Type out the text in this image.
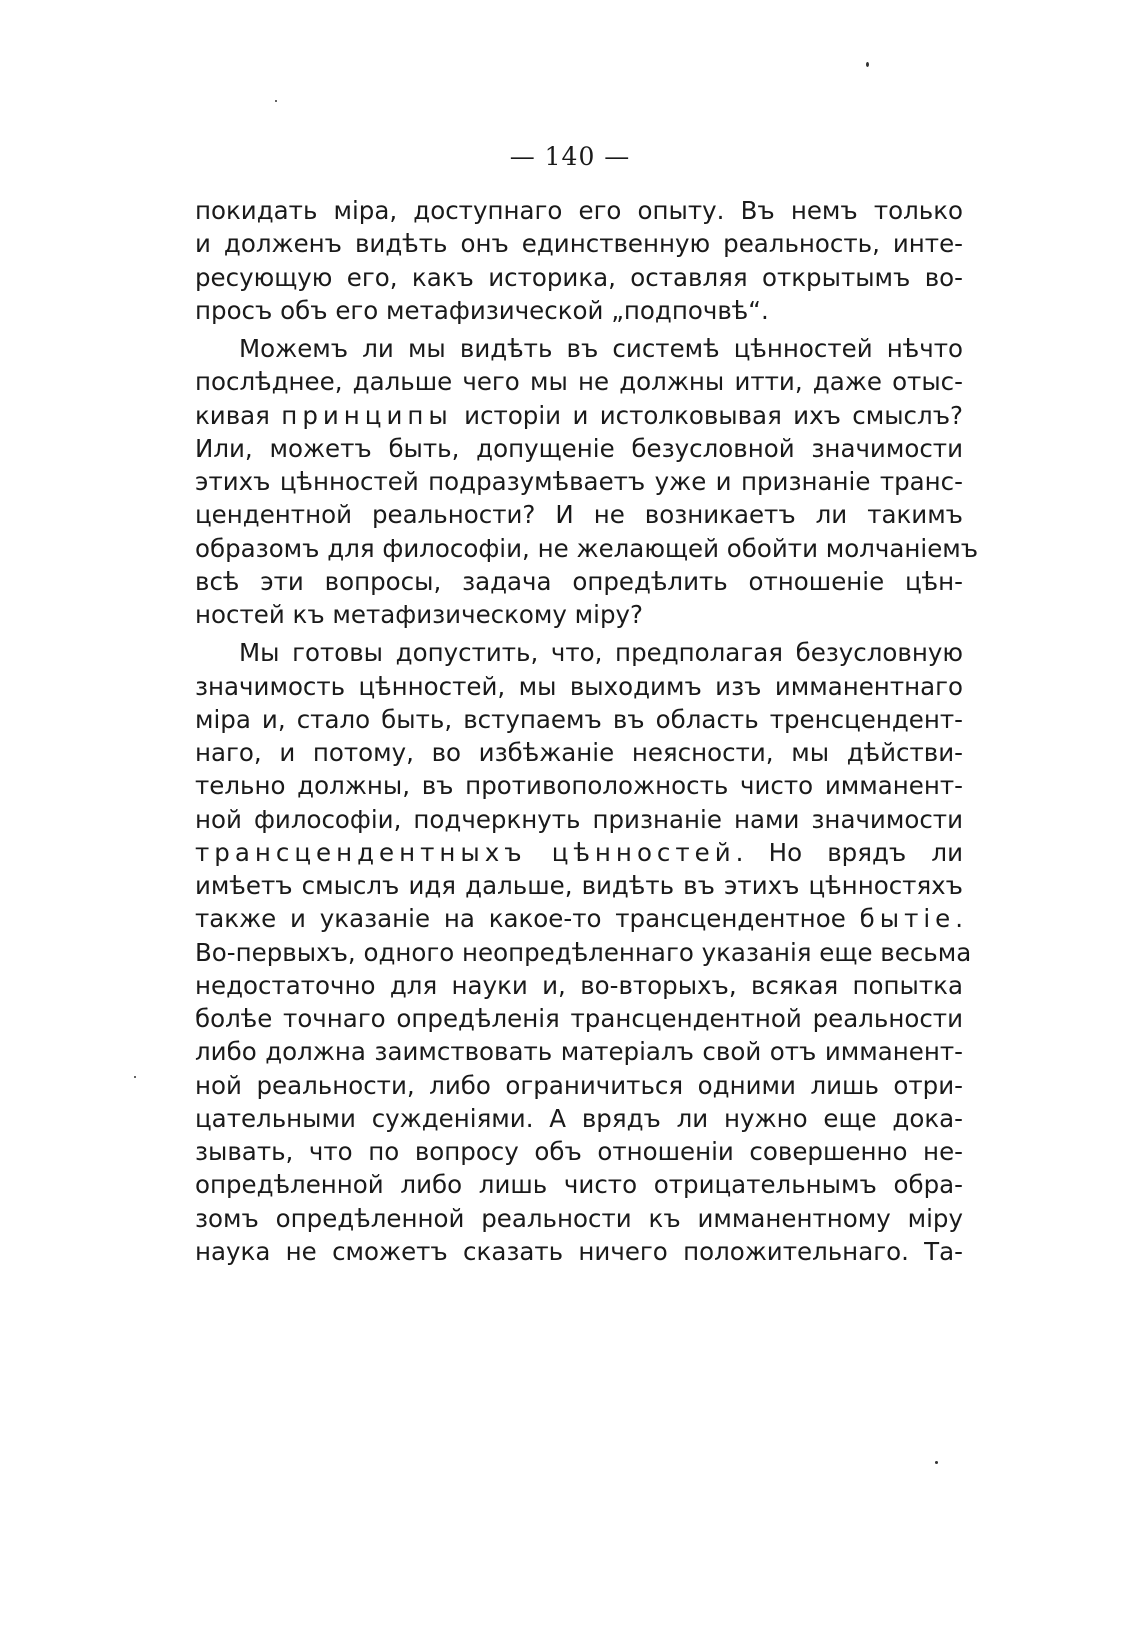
— 140 —
покидать міра, доступнаго его опыту. Въ немъ только
и долженъ видѣть онъ единственную реальность, инте-
ресующую его, какъ историка, оставляя открытымъ во-
просъ объ его метафизической „подпочвѣ“.
Можемъ ли мы видѣть въ системѣ цѣнностей нѣчто
послѣднее, дальше чего мы не должны итти, даже отыс-
кивая принципы исторіи и истолковывая ихъ смыслъ?
Или, можетъ быть, допущеніе безусловной значимости
этихъ цѣнностей подразумѣваетъ уже и признаніе транс-
цендентной реальности? И не возникаетъ ли такимъ
образомъ для философіи, не желающей обойти молчаніемъ
всѣ эти вопросы, задача опредѣлить отношеніе цѣн-
ностей къ метафизическому міру?
Мы готовы допустить, что, предполагая безусловную
значимость цѣнностей, мы выходимъ изъ имманентнаго
міра и, стало быть, вступаемъ въ область тренсцендент-
наго, и потому, во избѣжаніе неясности, мы дѣйстви-
тельно должны, въ противоположность чисто имманент-
ной философіи, подчеркнуть признаніе нами значимости
трансцендентныхъ цѣнностей. Но врядъ ли
имѣетъ смыслъ идя дальше, видѣть въ этихъ цѣнностяхъ
также и указаніе на какое-то трансцендентное бытіе.
Во-первыхъ, одного неопредѣленнаго указанія еще весьма
недостаточно для науки и, во-вторыхъ, всякая попытка
болѣе точнаго опредѣленія трансцендентной реальности
либо должна заимствовать матеріалъ свой отъ имманент-
ной реальности, либо ограничиться одними лишь отри-
цательными сужденіями. А врядъ ли нужно еще дока-
зывать, что по вопросу объ отношеніи совершенно не-
опредѣленной либо лишь чисто отрицательнымъ обра-
зомъ опредѣленной реальности къ имманентному міру
наука не сможетъ сказать ничего положительнаго. Та-
